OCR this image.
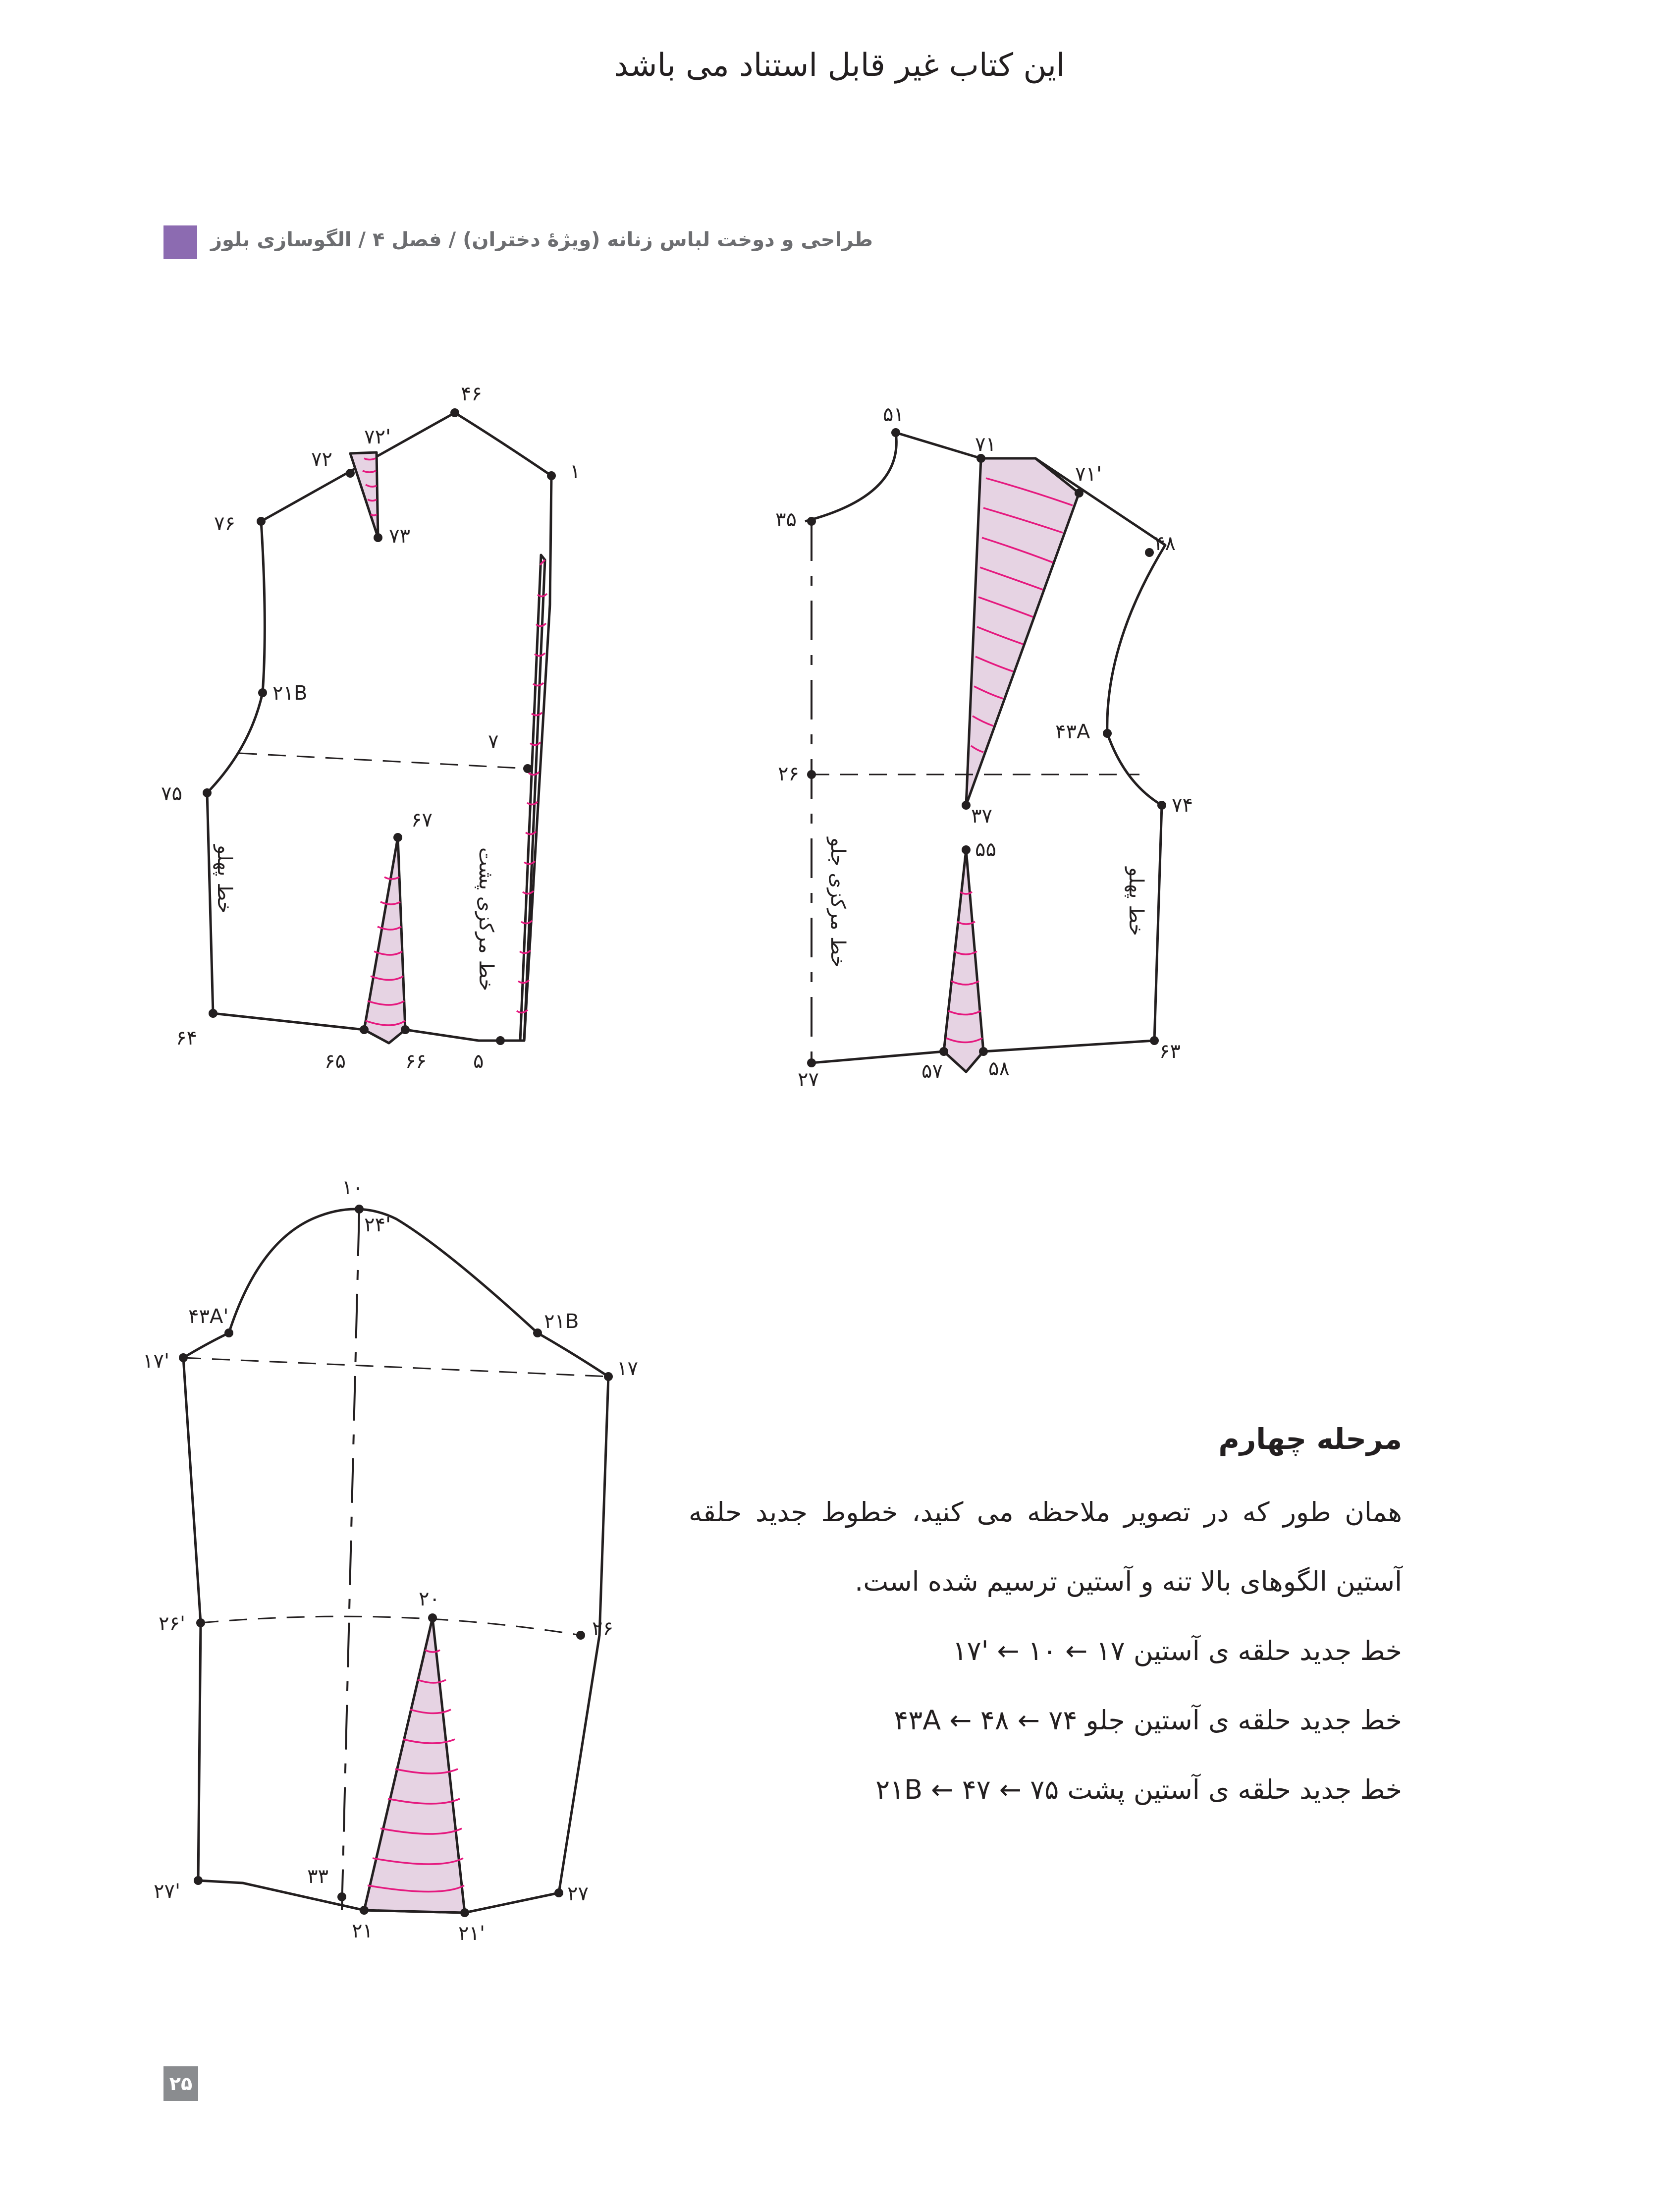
این کتاب غیر قابل استناد می باشد
طراحی و دوخت لباس زنانه (ویژهٔ دختران) / فصل ۴ / الگوسازی بلوز
۴۶
۱
۷۲
۷۲'
۷۶
۷۳
۲۱B
۷
۷۵
۶۷
۶۴
۶۵	۶۶ ۵
خط پهلو	خط مرکزی پشت
۵۱
۷۱
۷۱'
۳۵
۴۸
۴۳A
۲۶
۳۷	۷۴
۵۵
۲۷	۵۷ ۵۸
۶۳
خط مرکزی جلو	خط پهلو
۱۰
۲۴'
۴۳A'	۲۱B
۱۷'	۱۷
۲۰
۲۶'	۲۶
۲۷'
۳۳
۲۷
۲۱	۲۱'
مرحله چهارم

همان طور که در تصویر ملاحظه می کنید، خطوط جدید حلقه آستین الگوهای بالا تنه و آستین ترسیم شده است.

خط جدید حلقه ی آستین ۱۷ ← ۱۰ ← '۱۷
خط جدید حلقه ی آستین جلو ۷۴ ← ۴۳A ← ۴۸
خط جدید حلقه ی آستین پشت ۷۵ ← ۲۱B ← ۴۷
۲۵
